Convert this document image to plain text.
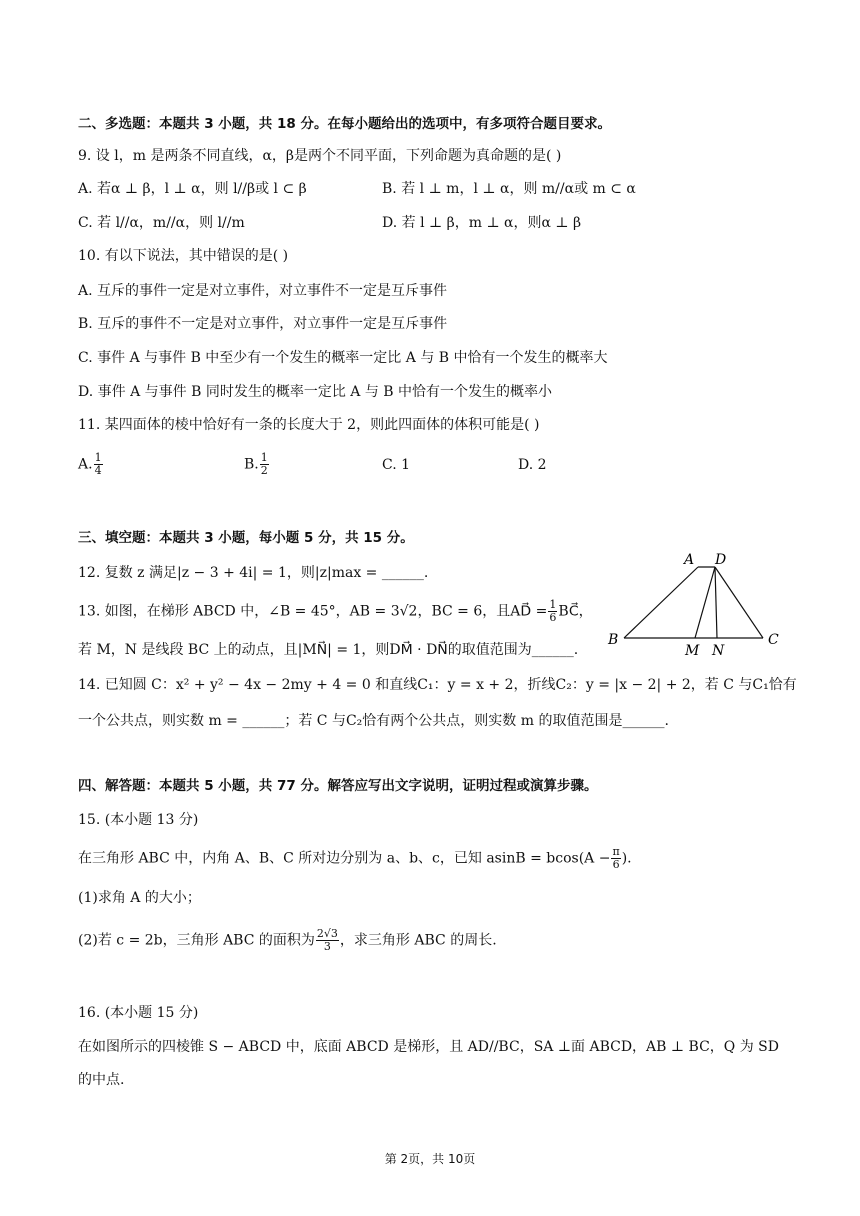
二、多选题：本题共 3 小题，共 18 分。在每小题给出的选项中，有多项符合题目要求。
9. 设 l，m 是两条不同直线，α，β是两个不同平面，下列命题为真命题的是( )
A. 若α ⊥ β，l ⊥ α，则 l//β或 l ⊂ β	B. 若 l ⊥ m，l ⊥ α，则 m//α或 m ⊂ α
C. 若 l//α，m//α，则 l//m	D. 若 l ⊥ β，m ⊥ α，则α ⊥ β
10. 有以下说法，其中错误的是( )
A. 互斥的事件一定是对立事件，对立事件不一定是互斥事件
B. 互斥的事件不一定是对立事件，对立事件一定是互斥事件
C. 事件 A 与事件 B 中至少有一个发生的概率一定比 A 与 B 中恰有一个发生的概率大
D. 事件 A 与事件 B 同时发生的概率一定比 A 与 B 中恰有一个发生的概率小
11. 某四面体的棱中恰好有一条的长度大于 2，则此四面体的体积可能是( )
A. $\frac{1}{4}$	B. $\frac{1}{2}$	C. 1	D. 2
三、填空题：本题共 3 小题，每小题 5 分，共 15 分。
12. 复数 z 满足|z − 3 + 4i| = 1，则|z|max = ______.
13. 如图，在梯形 ABCD 中，∠B = 45°，AB = 3√2，BC = 6，且AD⃗ = $\frac{1}{6}$ BC⃗，
若 M，N 是线段 BC 上的动点，且|MN⃗| = 1，则DM⃗ · DN⃗的取值范围为______.
A D
B	C
M N
14. 已知圆 C：x² + y² − 4x − 2my + 4 = 0 和直线C₁：y = x + 2，折线C₂：y = |x − 2| + 2，若 C 与C₁恰有
一个公共点，则实数 m = ______；若 C 与C₂恰有两个公共点，则实数 m 的取值范围是______.
四、解答题：本题共 5 小题，共 77 分。解答应写出文字说明，证明过程或演算步骤。
15. (本小题 13 分)
在三角形 ABC 中，内角 A、B、C 所对边分别为 a、b、c，已知 $asinB = bcos(A - \frac{\pi}{6}$ ).
(1)求角 A 的大小；
(2)若 c = 2b，三角形 ABC 的面积为 $\frac{2√3}{3}$ ，求三角形 ABC 的周长.
16. (本小题 15 分)
在如图所示的四棱锥 S − ABCD 中，底面 ABCD 是梯形，且 AD//BC，SA ⊥面 ABCD，AB ⊥ BC，Q 为 SD
的中点.
第 2页，共 10页
